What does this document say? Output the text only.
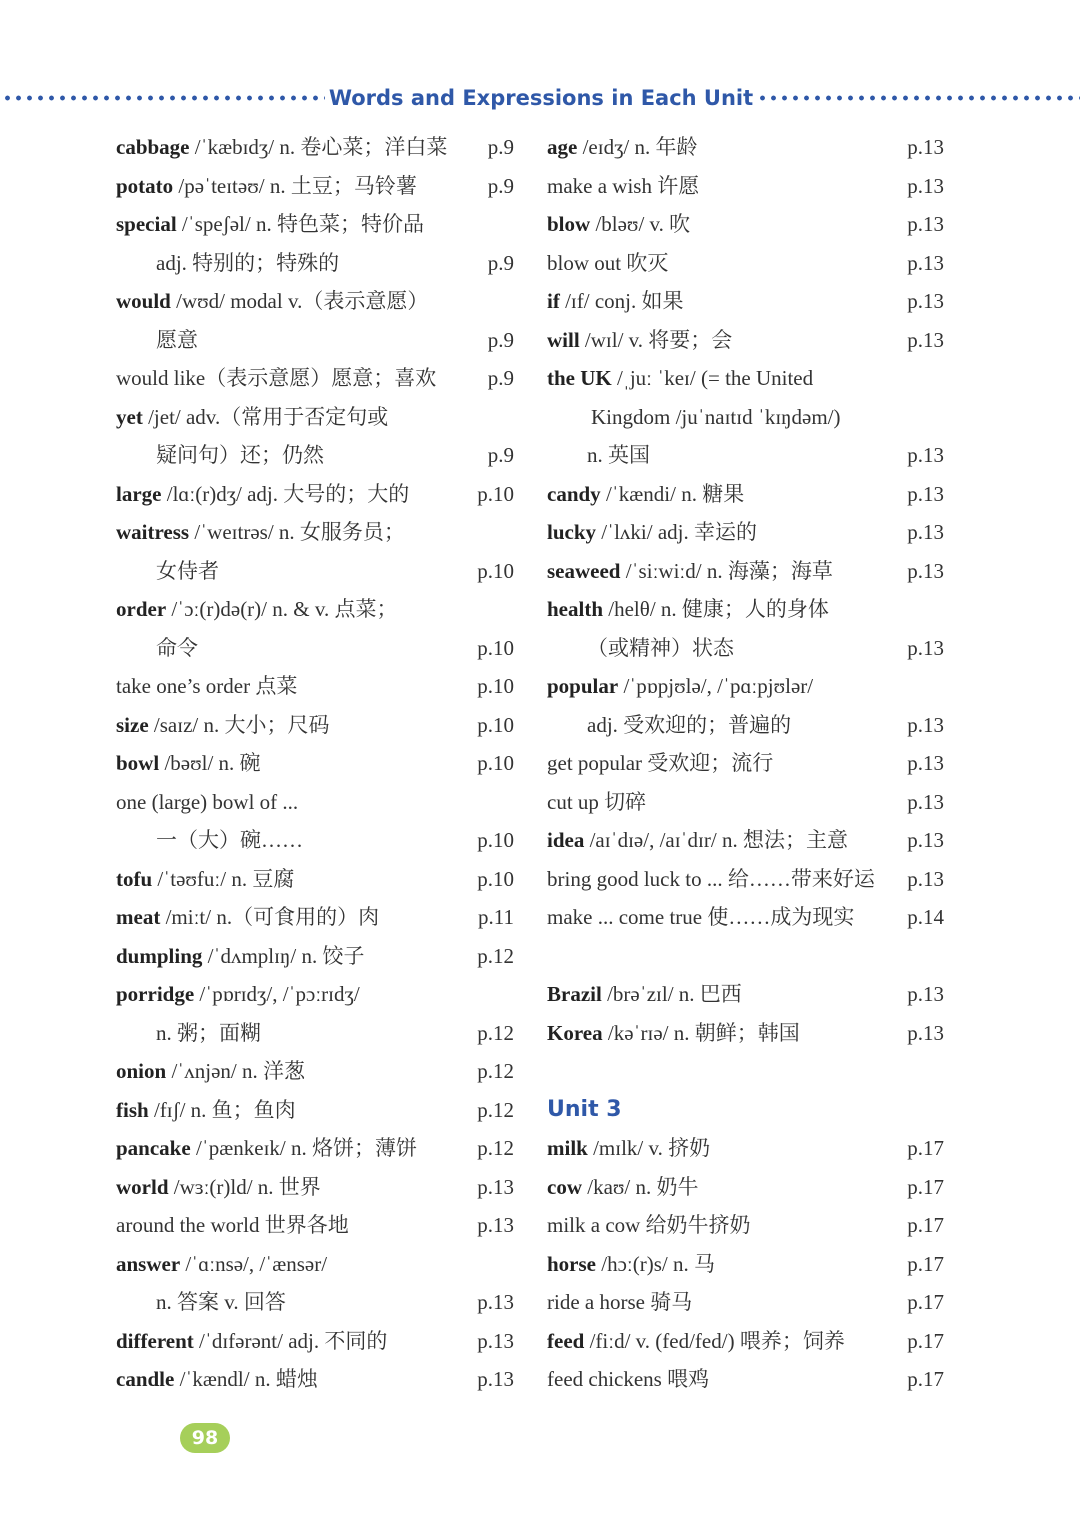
Words and Expressions in Each Unit
cabbage /ˈkæbɪdʒ/ n. 卷心菜；洋白菜 p.9
potato /pəˈteɪtəʊ/ n. 土豆；马铃薯	p.9
special /ˈspeʃəl/ n. 特色菜；特价品
adj. 特别的；特殊的	p.9
would /wʊd/ modal v.（表示意愿）
愿意	p.9
would like（表示意愿）愿意；喜欢 p.9
yet /jet/ adv.（常用于否定句或
疑问句）还；仍然	p.9
large /lɑː(r)dʒ/ adj. 大号的；大的	p.10
waitress /ˈweɪtrəs/ n. 女服务员；
女侍者	p.10
order /ˈɔː(r)də(r)/ n. & v. 点菜；
命令	p.10
take one’s order 点菜	p.10
size /saɪz/ n. 大小；尺码	p.10
bowl /bəʊl/ n. 碗	p.10
one (large) bowl of ...
一（大）碗……	p.10
tofu /ˈtəʊfuː/ n. 豆腐	p.10
meat /miːt/ n.（可食用的）肉	p.11
dumpling /ˈdʌmplɪŋ/ n. 饺子	p.12
porridge /ˈpɒrɪdʒ/, /ˈpɔːrɪdʒ/
n. 粥；面糊	p.12
onion /ˈʌnjən/ n. 洋葱	p.12
fish /fɪʃ/ n. 鱼；鱼肉	p.12
pancake /ˈpænkeɪk/ n. 烙饼；薄饼	p.12
world /wɜː(r)ld/ n. 世界	p.13
around the world 世界各地	p.13
answer /ˈɑːnsə/, /ˈænsər/
n. 答案 v. 回答	p.13
different /ˈdɪfərənt/ adj. 不同的	p.13
candle /ˈkændl/ n. 蜡烛	p.13
age /eɪdʒ/ n. 年龄	p.13
make a wish 许愿	p.13
blow /bləʊ/ v. 吹	p.13
blow out 吹灭	p.13
if /ɪf/ conj. 如果	p.13
will /wɪl/ v. 将要；会	p.13
the UK /ˌjuː ˈkeɪ/ (= the United
Kingdom /juˈnaɪtɪd ˈkɪŋdəm/)
n. 英国	p.13
candy /ˈkændi/ n. 糖果	p.13
lucky /ˈlʌki/ adj. 幸运的	p.13
seaweed /ˈsiːwiːd/ n. 海藻；海草	p.13
health /helθ/ n. 健康；人的身体
（或精神）状态	p.13
popular /ˈpɒpjʊlə/, /ˈpɑːpjʊlər/
adj. 受欢迎的；普遍的	p.13
get popular 受欢迎；流行	p.13
cut up 切碎	p.13
idea /aɪˈdɪə/, /aɪˈdɪr/ n. 想法；主意	p.13
bring good luck to ... 给……带来好运 p.13
make ... come true 使……成为现实	p.14
Brazil /brəˈzɪl/ n. 巴西	p.13
Korea /kəˈrɪə/ n. 朝鲜；韩国	p.13
Unit 3
milk /mɪlk/ v. 挤奶	p.17
cow /kaʊ/ n. 奶牛	p.17
milk a cow 给奶牛挤奶	p.17
horse /hɔː(r)s/ n. 马	p.17
ride a horse 骑马	p.17
feed /fiːd/ v. (fed/fed/) 喂养；饲养	p.17
feed chickens 喂鸡	p.17
98
